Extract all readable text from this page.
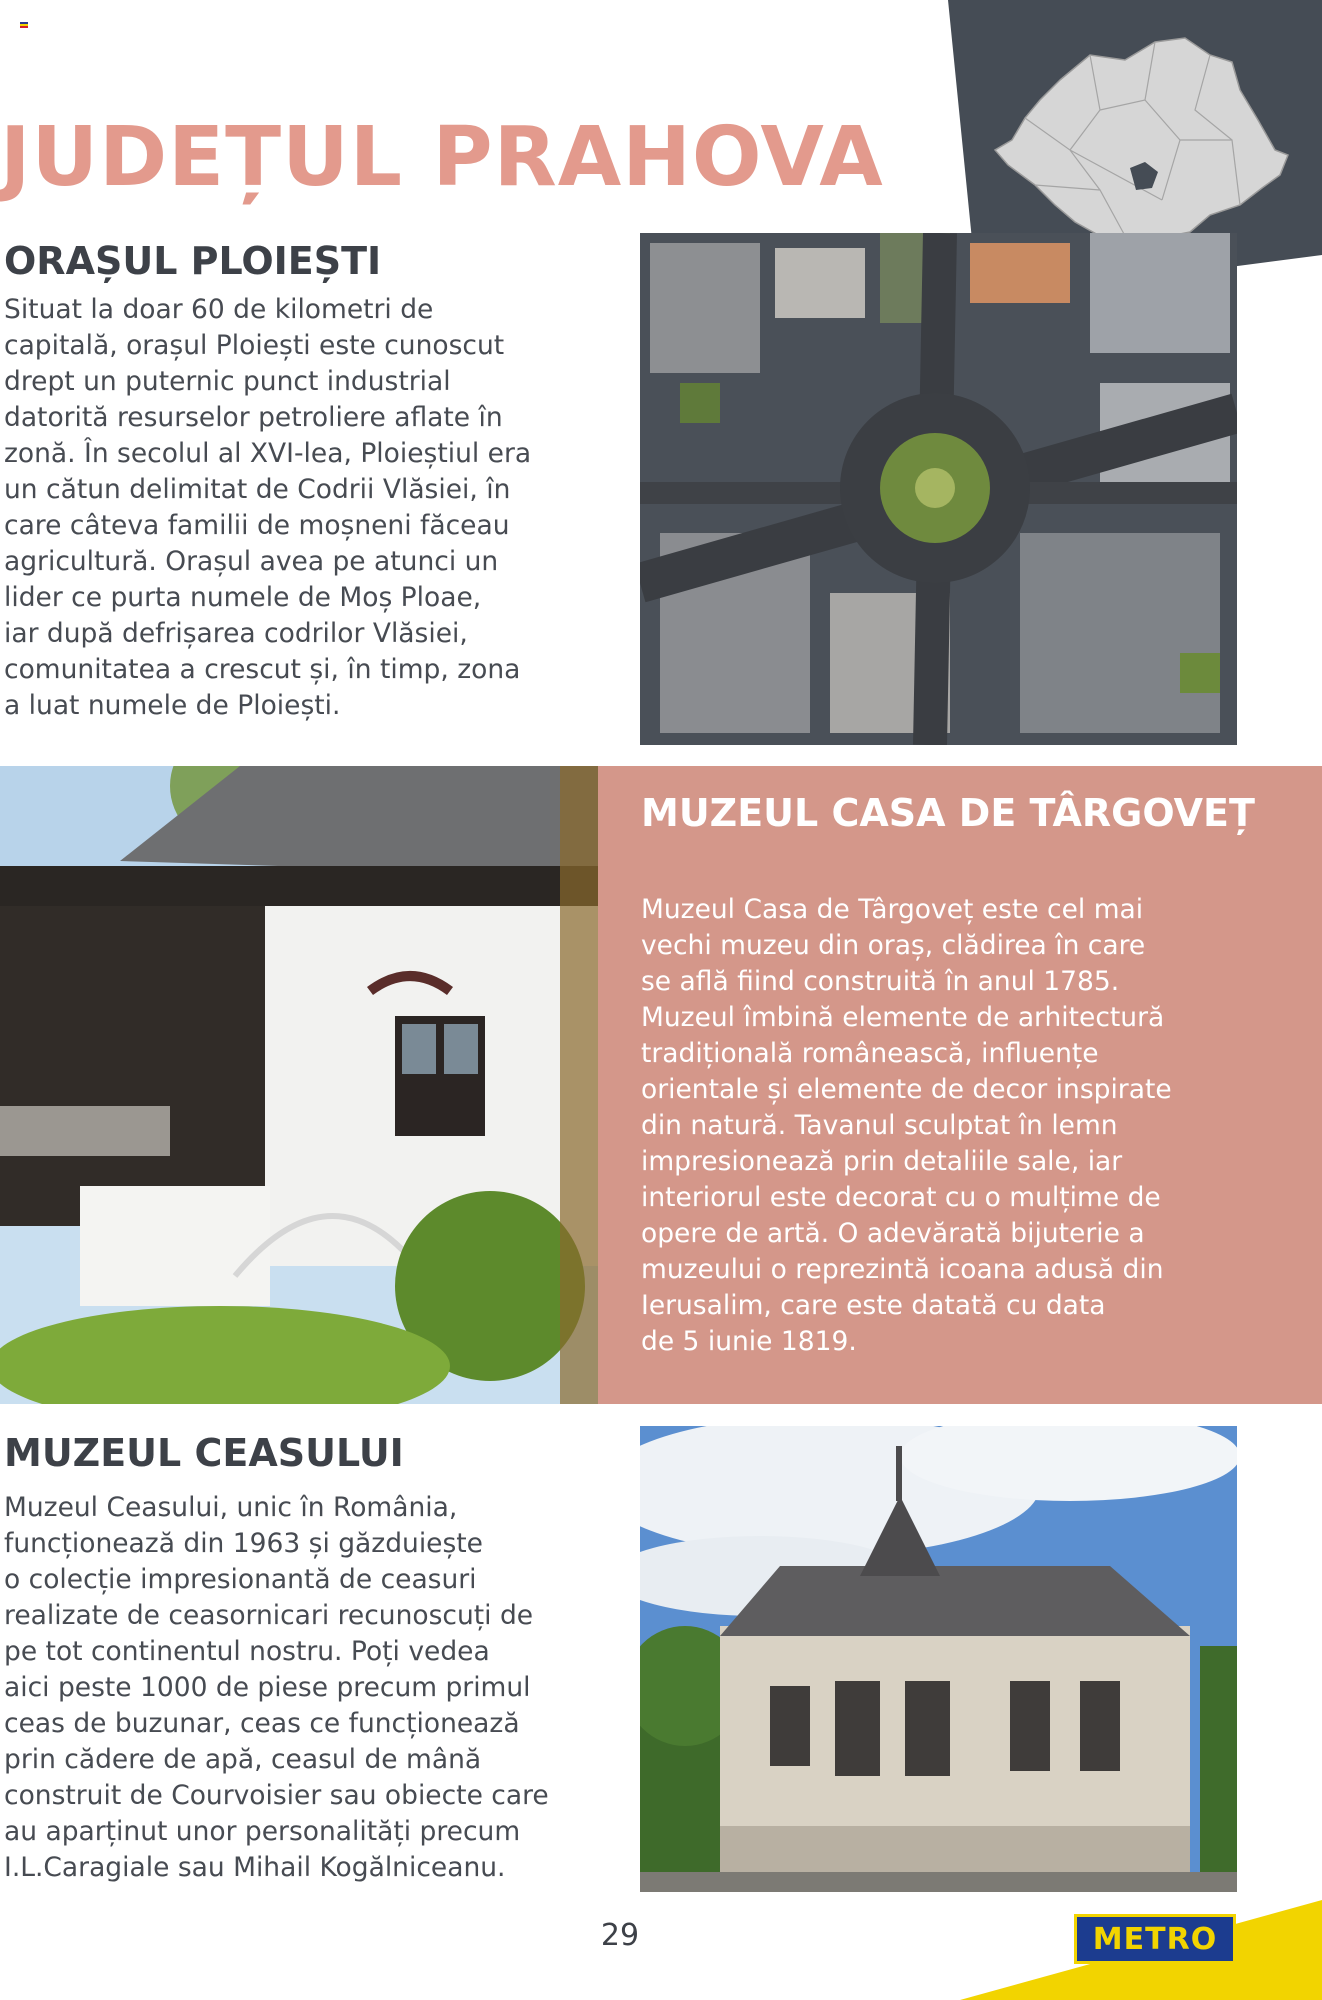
JUDEȚUL PRAHOVA
ORAȘUL PLOIEȘTI

Situat la doar 60 de kilometri de
capitală, orașul Ploiești este cunoscut
drept un puternic punct industrial
datorită resurselor petroliere aflate în
zonă. În secolul al XVI-lea, Ploieștiul era
un cătun delimitat de Codrii Vlăsiei, în
care câteva familii de moșneni făceau
agricultură. Orașul avea pe atunci un
lider ce purta numele de Moș Ploae,
iar după defrișarea codrilor Vlăsiei,
comunitatea a crescut și, în timp, zona
a luat numele de Ploiești.

MUZEUL CASA DE TÂRGOVEȚ

Muzeul Casa de Târgoveț este cel mai
vechi muzeu din oraș, clădirea în care
se află fiind construită în anul 1785.
Muzeul îmbină elemente de arhitectură
tradițională românească, influențe
orientale și elemente de decor inspirate
din natură. Tavanul sculptat în lemn
impresionează prin detaliile sale, iar
interiorul este decorat cu o mulțime de
opere de artă. O adevărată bijuterie a
muzeului o reprezintă icoana adusă din
Ierusalim, care este datată cu data
de 5 iunie 1819.

MUZEUL CEASULUI

Muzeul Ceasului, unic în România,
funcționează din 1963 și găzduiește
o colecție impresionantă de ceasuri
realizate de ceasornicari recunoscuți de
pe tot continentul nostru. Poți vedea
aici peste 1000 de piese precum primul
ceas de buzunar, ceas ce funcționează
prin cădere de apă, ceasul de mână
construit de Courvoisier sau obiecte care
au aparținut unor personalități precum
I.L.Caragiale sau Mihail Kogălniceanu.

29	METRO
